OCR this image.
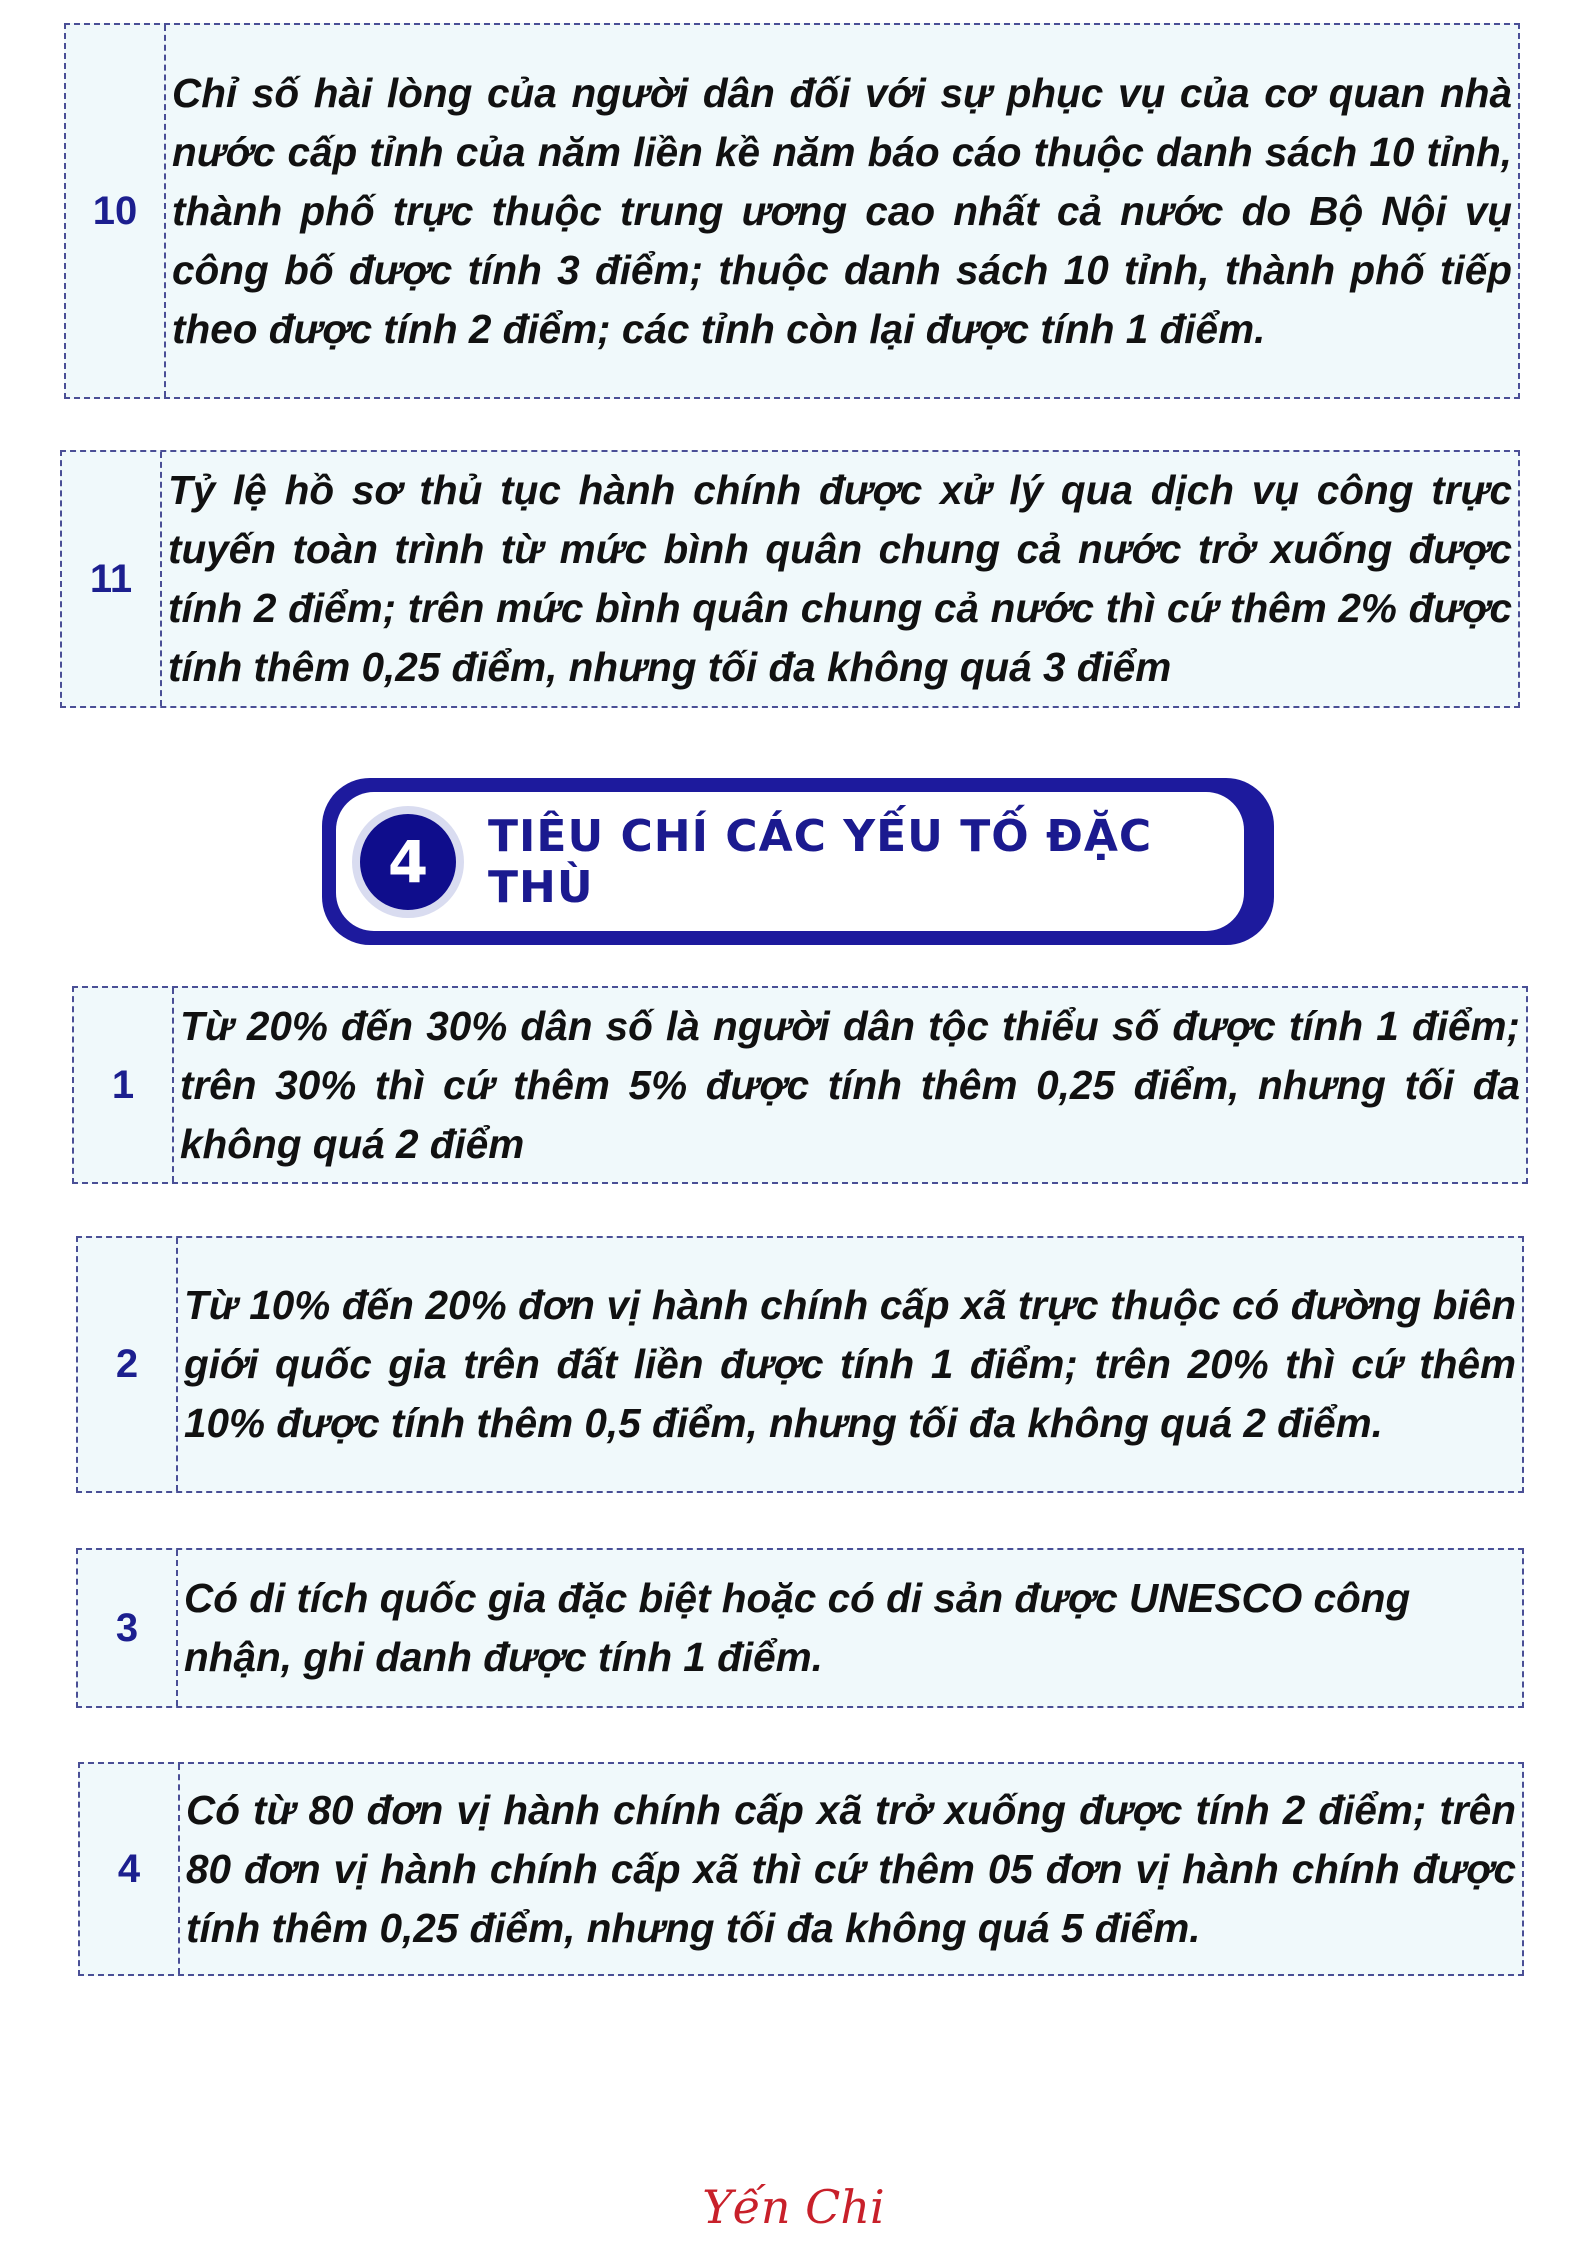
10
Chỉ số hài lòng của người dân đối với sự phục vụ của cơ quan nhà nước cấp tỉnh của năm liền kề năm báo cáo thuộc danh sách 10 tỉnh, thành phố trực thuộc trung ương cao nhất cả nước do Bộ Nội vụ công bố được tính 3 điểm; thuộc danh sách 10 tỉnh, thành phố tiếp theo được tính 2 điểm; các tỉnh còn lại được tính 1 điểm.
11
Tỷ lệ hồ sơ thủ tục hành chính được xử lý qua dịch vụ công trực tuyến toàn trình từ mức bình quân chung cả nước trở xuống được tính 2 điểm; trên mức bình quân chung cả nước thì cứ thêm 2% được tính thêm 0,25 điểm, nhưng tối đa không quá 3 điểm
4	TIÊU CHÍ CÁC YẾU TỐ ĐẶC THÙ
1
Từ 20% đến 30% dân số là người dân tộc thiểu số được tính 1 điểm; trên 30% thì cứ thêm 5% được tính thêm 0,25 điểm, nhưng tối đa không quá 2 điểm
2
Từ 10% đến 20% đơn vị hành chính cấp xã trực thuộc có đường biên giới quốc gia trên đất liền được tính 1 điểm; trên 20% thì cứ thêm 10% được tính thêm 0,5 điểm, nhưng tối đa không quá 2 điểm.
3
Có di tích quốc gia đặc biệt hoặc có di sản được UNESCO công nhận, ghi danh được tính 1 điểm.
4
Có từ 80 đơn vị hành chính cấp xã trở xuống được tính 2 điểm; trên 80 đơn vị hành chính cấp xã thì cứ thêm 05 đơn vị hành chính được tính thêm 0,25 điểm, nhưng tối đa không quá 5 điểm.
Yến Chi
